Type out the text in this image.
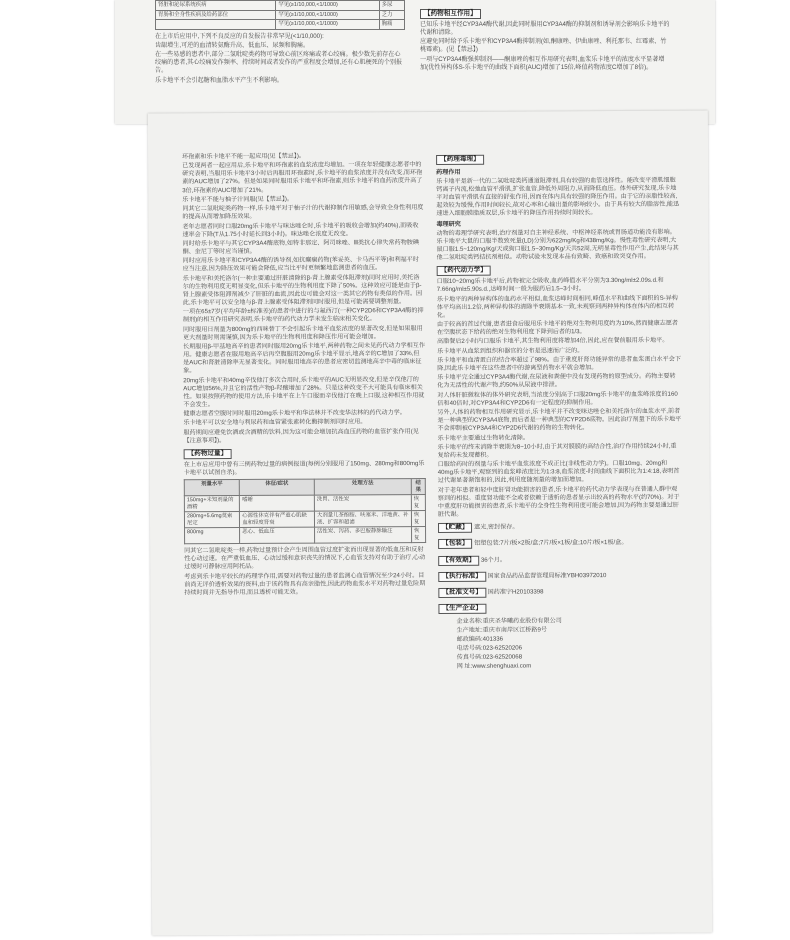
肾脏和泌尿系统疾病	罕见(≥1/10,000,<1/1000)	多尿
胃肠和全身性疾病及给药部位	罕见(≥1/10,000,<1/1000)	乏力
	罕见(≥1/10,000,<1/1000)	胸痛

在上市后应用中,下列不良反应的自发报告非常罕见(<1/10,000):

齿龈增生,可逆的血清转氨酶升高、低血压、尿频和胸痛。

在一些易感的患者中,部分二氢吡啶类药物可导致心前区疼痛或者心绞痛。极少数先前存在心绞痛的患者,其心绞痛发作频率、持续时间或者发作的严重程度会增加,还有心肌梗死的个别报告。

乐卡地平不会引起糖和血脂水平产生不利影响。

【药物相互作用】

已知乐卡地平经CYP3A4酶代谢,因此同时服用CYP3A4酶的抑制剂和诱导剂会影响乐卡地平的代谢和清除。

应避免同时给予乐卡地平和CYP3A4酶抑制剂(如,酮康唑、伊曲康唑、利托那韦、红霉素、竹桃霉素)。(见【禁忌】)

一项与CYP3A4酶强抑制剂——酮康唑的相互作用研究表明,血浆乐卡地平的浓度水平显著增加(优性异构体S-乐卡地平的曲线下面积(AUC)增加了15倍,峰值药物浓度C增加了8倍)。

环孢素和乐卡地平不能一起应用(见【禁忌】)。

已发现两者一起应用后,乐卡地平和环孢素的血浆浓度均增加。一项在年轻健康志愿者中的研究表明,当服用乐卡地平3小时后再服用环孢素时,乐卡地平的血浆浓度并没有改变,而环孢素的AUC增加了27%。但是如果同时服用乐卡地平和环孢素,则乐卡地平的血药浓度升高了3倍,环孢素的AUC增加了21%。

乐卡地平不能与柚子汁同服(见【禁忌】)。

同其它二氢吡啶类药物一样,乐卡地平对于柚子汁的代谢抑制作用敏感,会导致全身性利用度的提高从而增加降压效果。

老年志愿者同时口服20mg乐卡地平与咪达唑仑时,乐卡地平的吸收会增加(约40%),而吸收速率会下降(T从1.75小时延长到3小时)。咪达唑仑浓度无改变。

同时给乐卡地平与其它CYP3A4酶底物,如特非那定、阿司咪唑、Ⅲ类抗心律失常药物胺碘酮、奎尼丁等时应当谨慎。

同时应用乐卡地平和CYP3A4酶的诱导剂,如抗癫痫药物(苯妥英、卡马西平等)和利福平时应当注意,因为降压效果可能会降低,应当比平时更频繁地监测患者的血压。

乐卡地平和美托洛尔(一种主要通过肝脏清除的β-肾上腺素受体阻滞剂)同时应用时,美托洛尔的生物利用度无明显变化,但乐卡地平的生物利用度下降了50%。这种效应可能是由于β-肾上腺素受体阻滞剂减少了肝脏的血流,因此也可能会对这一类其它药物有类似的作用。因此,乐卡地平可以安全地与β-肾上腺素受体阻滞剂同时服用,但是可能需要调整剂量。

一项在65±7岁(平均年龄±标准差)的患者中进行的与氟西汀(一种CYP2D6和CYP3A4酶的抑制剂)的相互作用研究表明,乐卡地平的药代动力学未发生临床相关变化。

同时服用日剂量为800mg的西咪替丁不会引起乐卡地平血浆浓度的显著改变,但是如果服用更大剂量时则需谨慎,因为乐卡地平的生物利用度和降压作用可能会增加。

长期服用β-甲基地高辛的患者同时服用20mg乐卡地平,两种药物之间未见药代动力学相互作用。健康志愿者在服用地高辛后再空腹服用20mg乐卡地平显示,地高辛的C增加了33%,但是AUC和肾脏清除率无显著变化。同时服用地高辛的患者应密切监测地高辛中毒的临床征象。

20mg乐卡地平和40mg辛伐他汀多次合用时,乐卡地平的AUC无明显改变,但是辛伐他汀的AUC增加56%,并且它的活性产物β-羟酸增加了28%。只是这种改变不大可能具有临床相关性。如果按照药物的使用方法,乐卡地平在上午口服而辛伐他汀在晚上口服,这种相互作用就不会发生。

健康志愿者空腹时同时服用20mg乐卡地平和华法林并不改变华法林的药代动力学。

乐卡地平可以安全地与利尿药和血管紧张素转化酶抑制剂同时应用。

服药期间应避免饮酒或含酒精的饮料,因为这可能会增加抗高血压药物的血管扩张作用(见【注意事项】)。

【药物过量】

在上市后应用中曾有三例药物过量的病例报道(每例分别服用了150mg、280mg和800mg乐卡地平以试图自杀)。

剂量水平	体征/症状	处理方法	结果
150mg+未知剂量的酒精	嗜睡	洗胃、活性炭	恢复
280mg+5.6mg莫索尼定	心源性休克伴有严重心肌缺血和轻度肾衰	大剂量儿茶酚胺、呋塞米、洋地黄、补液、扩容和超滤	恢复
800mg	恶心、低血压	活性炭、泻药、多巴胺静脉输注	恢复

同其它二氢吡啶类一样,药物过量预计会产生周围血管过度扩张而出现显著的低血压和反射性心动过速。在严重低血压、心动过缓和意识丧失的情况下,心血管支持对有助于治疗,心动过缓时可静脉应用阿托品。

考虑到乐卡地平较长的药理学作用,需要对药物过量的患者监测心血管情况至少24小时。目前尚无评价透析效果的资料,由于该药物具有高亲脂性,因此药物血浆水平对药物过量危险期持续时间并无指导作用,而且透析可能无效。

【药理毒理】
药理作用

乐卡地平是新一代的二氢吡啶类钙通道阻滞剂,具有较强的血管选择性。能改变平滑肌细胞钙离子内流,松弛血管平滑肌,扩张血管,降低外周阻力,从而降低血压。体外研究发现,乐卡地平对血管平滑肌有直接的舒张作用,因而在体内具有较强的降压作用。由于它的亲脂性较高,起效较为缓慢,作用时间较长,故对心率和心输出量的影响较小。由于具有较大的脂溶性,能迅速进入细胞膜脂质双层,乐卡地平的降压作用持续时间较长。

毒理研究

动物的毒理学研究表明,治疗剂量对自主神经系统、中枢神经系统或胃肠道功能没有影响。乐卡地平大鼠的口服半数致死量(LD)分别为622mg/Kg和438mg/Kg。慢性毒性研究表明,大鼠口服1.5~120mg/Kg/天或狗口服1.5~30mg/Kg/天共52周,无明显毒性作用产生,此结果与其他二氢吡啶类钙拮抗剂相似。动物试验未发现本品有致畸、致癌和致突变作用。

【药代动力学】

口服10~20mg乐卡地平后,药物被完全吸收,血药峰值水平分别为3.30ng/ml±2.09s.d.和7.66ng/ml±5.90s.d.,达峰时间一般为服药后1.5~3小时。

乐卡地平的两种异构体的血药水平相似,血浆达峰时间相同,峰值水平和曲线下面积的S-异构体平均高出1.2倍,两种异构体的清除半衰期基本一致,未观察到两种异构体在体内的相互转化。

由于较高的首过代谢,患者进食后服用乐卡地平的绝对生物利用度约为10%,然而健康志愿者在空腹状态下给药的绝对生物利用度下降到后者的1/3。

高脂餐后2小时内口服乐卡地平,其生物利用度将增加4倍,因此,应在餐前服用乐卡地平。

乐卡地平从血浆到组织和器官的分布是迅速而广泛的。

乐卡地平和血清蛋白的结合率超过了98%。由于重度肝肾功能异常的患者血浆蛋白水平会下降,因此乐卡地平在这些患者中的游离型药物水平就会增加。

乐卡地平完全通过CYP3A4酶代谢,在尿液和粪便中没有发现药物的原型成分。药物主要转化为无活性的代谢产物,约50%从尿液中排泄。

对人体肝脏微粒体的体外研究表明,当浓度分别高于口服20mg乐卡地平的血浆峰浓度的160倍和40倍时,对CYP3A4和CYP2D6有一定程度的抑制作用。

另外,人体的药物相互作用研究显示,乐卡地平并不改变咪达唑仑和美托洛尔的血浆水平,前者是一种典型的CYP3A4底物,而后者是一种典型的CYP2D6底物。因此治疗剂量下的乐卡地平不会抑制被CYP3A4和CYP2D6代谢的药物的生物转化。

乐卡地平主要通过生物转化清除。

乐卡地平的终末消除半衰期为8~10小时,由于其对膜膜的高结合性,治疗作用持续24小时,重复给药未发现蓄积。

口服给药时的剂量与乐卡地平血浆浓度不成正比(非线性动力学)。口服10mg、20mg和40mg乐卡地平,观察到的血浆峰浓度比为1:3:8,血浆浓度-时间曲线下面积比为1:4:18,表明首过代谢显著渐饱和的,因此,利用度随剂量的增加而增加。

对于老年患者和轻中度肝肾功能损害的患者,乐卡地平的药代动力学表现与在普通人群中观察到的相似。重度肾功能不全或者依赖于透析的患者显示出较高的药物水平(约70%)。对于中重度肝功能损害的患者,乐卡地平的全身性生物利用度可能会增加,因为药物主要是通过肝脏代谢。

【贮藏】 遮光,密封保存。

【包装】 铝塑包装:7片/板×2板/盒;7片/板×1板/盒;10片/板×1板/盒。

【有效期】 36个月。

【执行标准】 国家食品药品监督管理局标准YBH03972010

【批准文号】 国药准字H20103398

【生产企业】
企业名称:重庆圣华曦药业股份有限公司
生产地址:重庆市南岸区江桥路9号
邮政编码:401336
电话号码:023-62520206
传真号码:023-62520068
网 址:www.shenghuaxi.com
